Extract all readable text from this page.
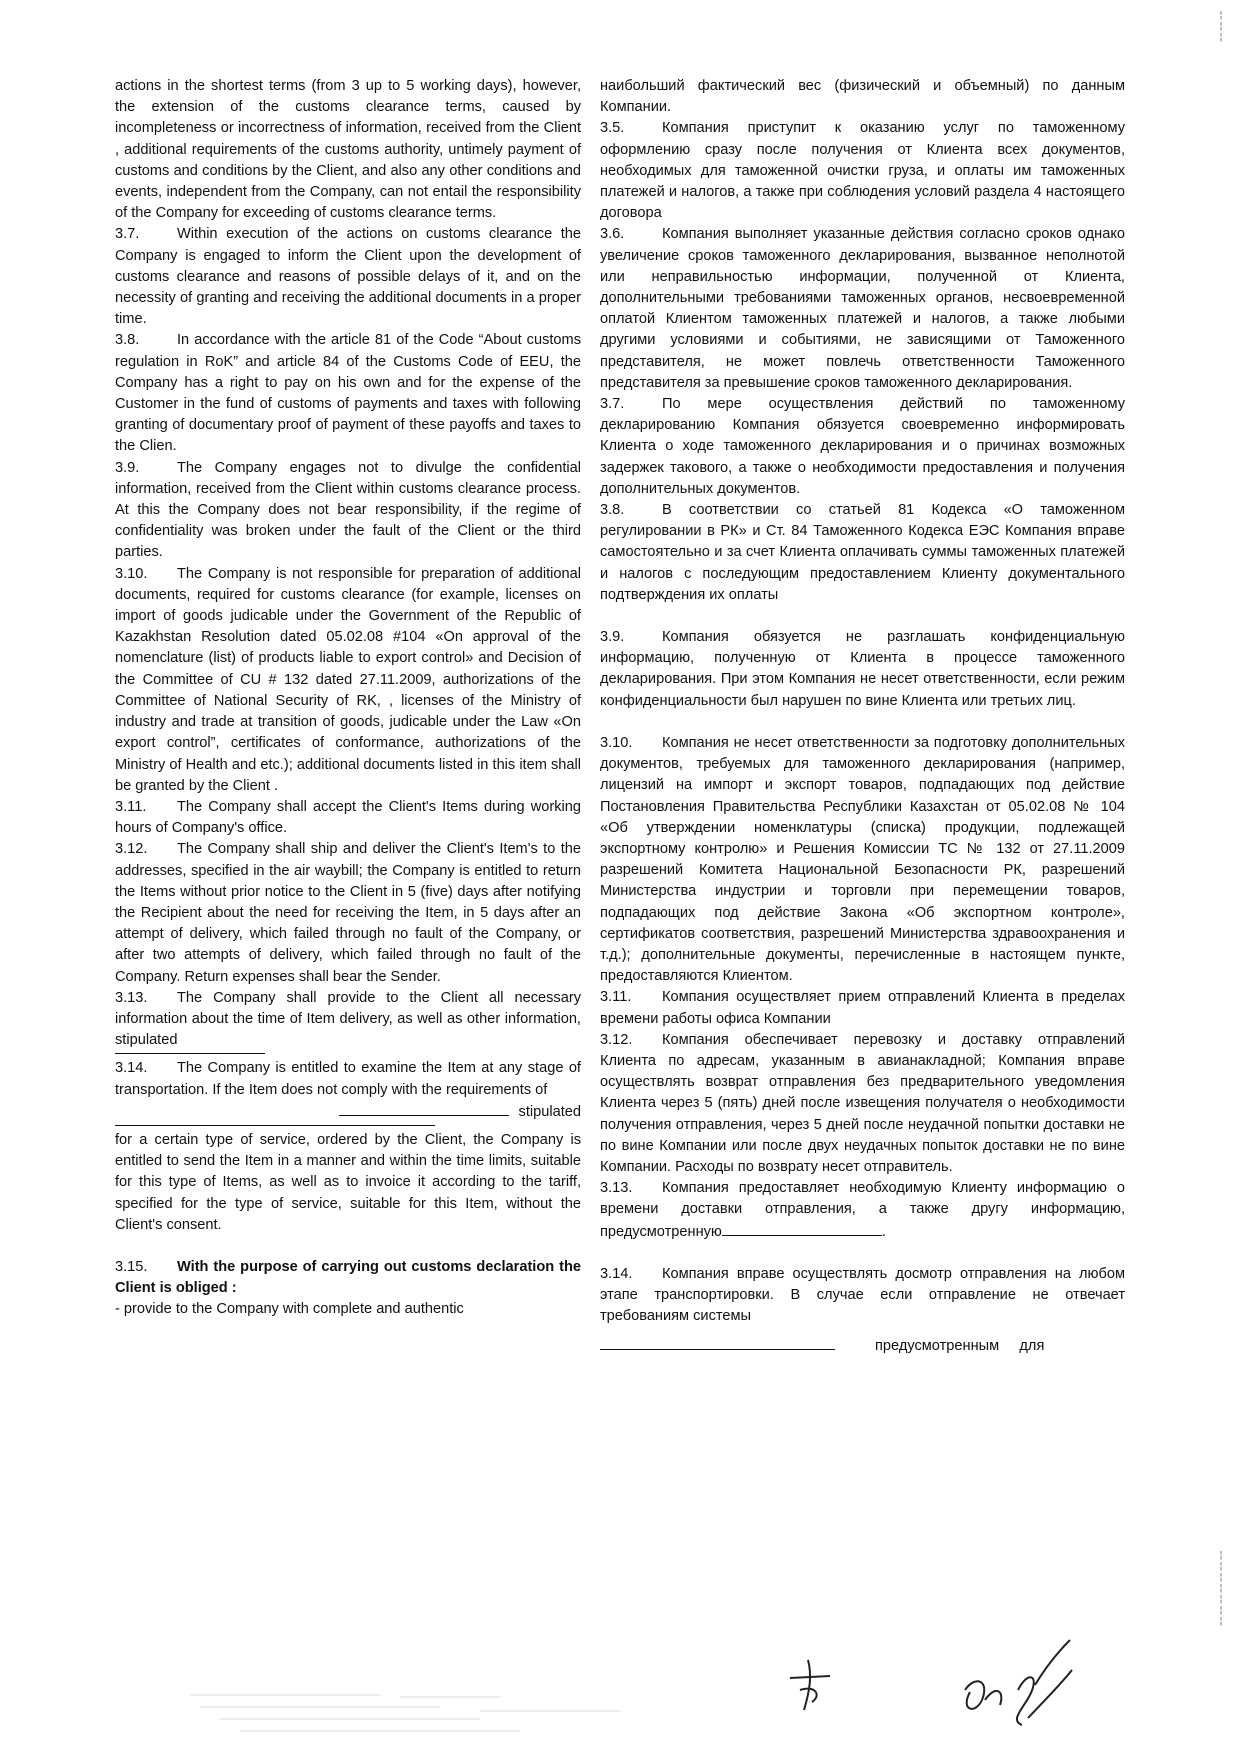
actions in the shortest terms (from 3 up to 5 working days), however, the extension of the customs clearance terms, caused by incompleteness or incorrectness of information, received from the Client , additional requirements of the customs authority, untimely payment of customs and conditions by the Client, and also any other conditions and events, independent from the Company, can not entail the responsibility of the Company for exceeding of customs clearance terms.

3.7.	Within execution of the actions on customs clearance the Company is engaged to inform the Client upon the development of customs clearance and reasons of possible delays of it, and on the necessity of granting and receiving the additional documents in a proper time.

3.8.	In accordance with the article 81 of the Code “About customs regulation in RoK” and article 84 of the Customs Code of EEU, the Company has a right to pay on his own and for the expense of the Customer in the fund of customs of payments and taxes with following granting of documentary proof of payment of these payoffs and taxes to the Clien.

3.9.	The Company engages not to divulge the confidential information, received from the Client within customs clearance process. At this the Company does not bear responsibility, if the regime of confidentiality was broken under the fault of the Client or the third parties.

3.10. The Company is not responsible for preparation of additional documents, required for customs clearance (for example, licenses on import of goods judicable under the Government of the Republic of Kazakhstan Resolution dated 05.02.08 #104 «On approval of the nomenclature (list) of products liable to export control» and Decision of the Committee of CU # 132 dated 27.11.2009, authorizations of the Committee of National Security of RK, , licenses of the Ministry of industry and trade at transition of goods, judicable under the Law «On export control”, certificates of conformance, authorizations of the Ministry of Health and etc.); additional documents listed in this item shall be granted by the Client .

3.11. The Company shall accept the Client's Items during working hours of Company's office.

3.12. The Company shall ship and deliver the Client's Item's to the addresses, specified in the air waybill; the Company is entitled to return the Items without prior notice to the Client in 5 (five) days after notifying the Recipient about the need for receiving the Item, in 5 days after an attempt of delivery, which failed through no fault of the Company, or after two attempts of delivery, which failed through no fault of the Company. Return expenses shall bear the Sender.

3.13. The Company shall provide to the Client all necessary information about the time of Item delivery, as well as other information, stipulated

3.14. The Company is entitled to examine the Item at any stage of transportation. If the Item does not comply with the requirements of

stipulated

for a certain type of service, ordered by the Client, the Company is entitled to send the Item in a manner and within the time limits, suitable for this type of Items, as well as to invoice it according to the tariff, specified for the type of service, suitable for this Item, without the Client's consent.

3.15. With the purpose of carrying out customs declaration the Client is obliged :

- provide to the Company with complete and authentic

наибольший фактический вес (физический и объемный) по данным Компании.

3.5.	Компания приступит к оказанию услуг по таможенному оформлению сразу после получения от Клиента всех документов, необходимых для таможенной очистки груза, и оплаты им таможенных платежей и налогов, а также при соблюдения условий раздела 4 настоящего договора

3.6.	Компания выполняет указанные действия согласно сроков однако увеличение сроков таможенного декларирования, вызванное неполнотой или неправильностью информации, полученной от Клиента, дополнительными требованиями таможенных органов, несвоевременной оплатой Клиентом таможенных платежей и налогов, а также любыми другими условиями и событиями, не зависящими от Таможенного представителя, не может повлечь ответственности Таможенного представителя за превышение сроков таможенного декларирования.

3.7.	По мере осуществления действий по таможенному декларированию Компания обязуется своевременно информировать Клиента о ходе таможенного декларирования и о причинах возможных задержек такового, а также о необходимости предоставления и получения дополнительных документов.

3.8.	В соответствии со статьей 81 Кодекса «О таможенном регулировании в РК» и Ст. 84 Таможенного Кодекса ЕЭС Компания вправе самостоятельно и за счет Клиента оплачивать суммы таможенных платежей и налогов с последующим предоставлением Клиенту документального подтверждения их оплаты

3.9.	Компания обязуется не разглашать конфиденциальную информацию, полученную от Клиента в процессе таможенного декларирования. При этом Компания не несет ответственности, если режим конфиденциальности был нарушен по вине Клиента или третьих лиц.

3.10. Компания не несет ответственности за подготовку дополнительных документов, требуемых для таможенного декларирования (например, лицензий на импорт и экспорт товаров, подпадающих под действие Постановления Правительства Республики Казахстан от 05.02.08 № 104 «Об утверждении номенклатуры (списка) продукции, подлежащей экспортному контролю» и Решения Комиссии ТС № 132 от 27.11.2009 разрешений Комитета Национальной Безопасности РК, разрешений Министерства индустрии и торговли при перемещении товаров, подпадающих под действие Закона «Об экспортном контроле», сертификатов соответствия, разрешений Министерства здравоохранения и т.д.); дополнительные документы, перечисленные в настоящем пункте, предоставляются Клиентом.

3.11. Компания осуществляет прием отправлений Клиента в пределах времени работы офиса Компании

3.12. Компания обеспечивает перевозку и доставку отправлений Клиента по адресам, указанным в авианакладной; Компания вправе осуществлять возврат отправления без предварительного уведомления Клиента через 5 (пять) дней после извещения получателя о необходимости получения отправления, через 5 дней после неудачной попытки доставки не по вине Компании или после двух неудачных попыток доставки не по вине Компании. Расходы по возврату несет отправитель.

3.13. Компания предоставляет необходимую Клиенту информацию о времени доставки отправления, а также другу информацию, предусмотренную	.

3.14. Компания вправе осуществлять досмотр отправления на любом этапе транспортировки. В случае если отправление не отвечает требованиям системы

предусмотренным     для

¦
¦
¦
¦
¦
¦
¦
¦
¦
¦
